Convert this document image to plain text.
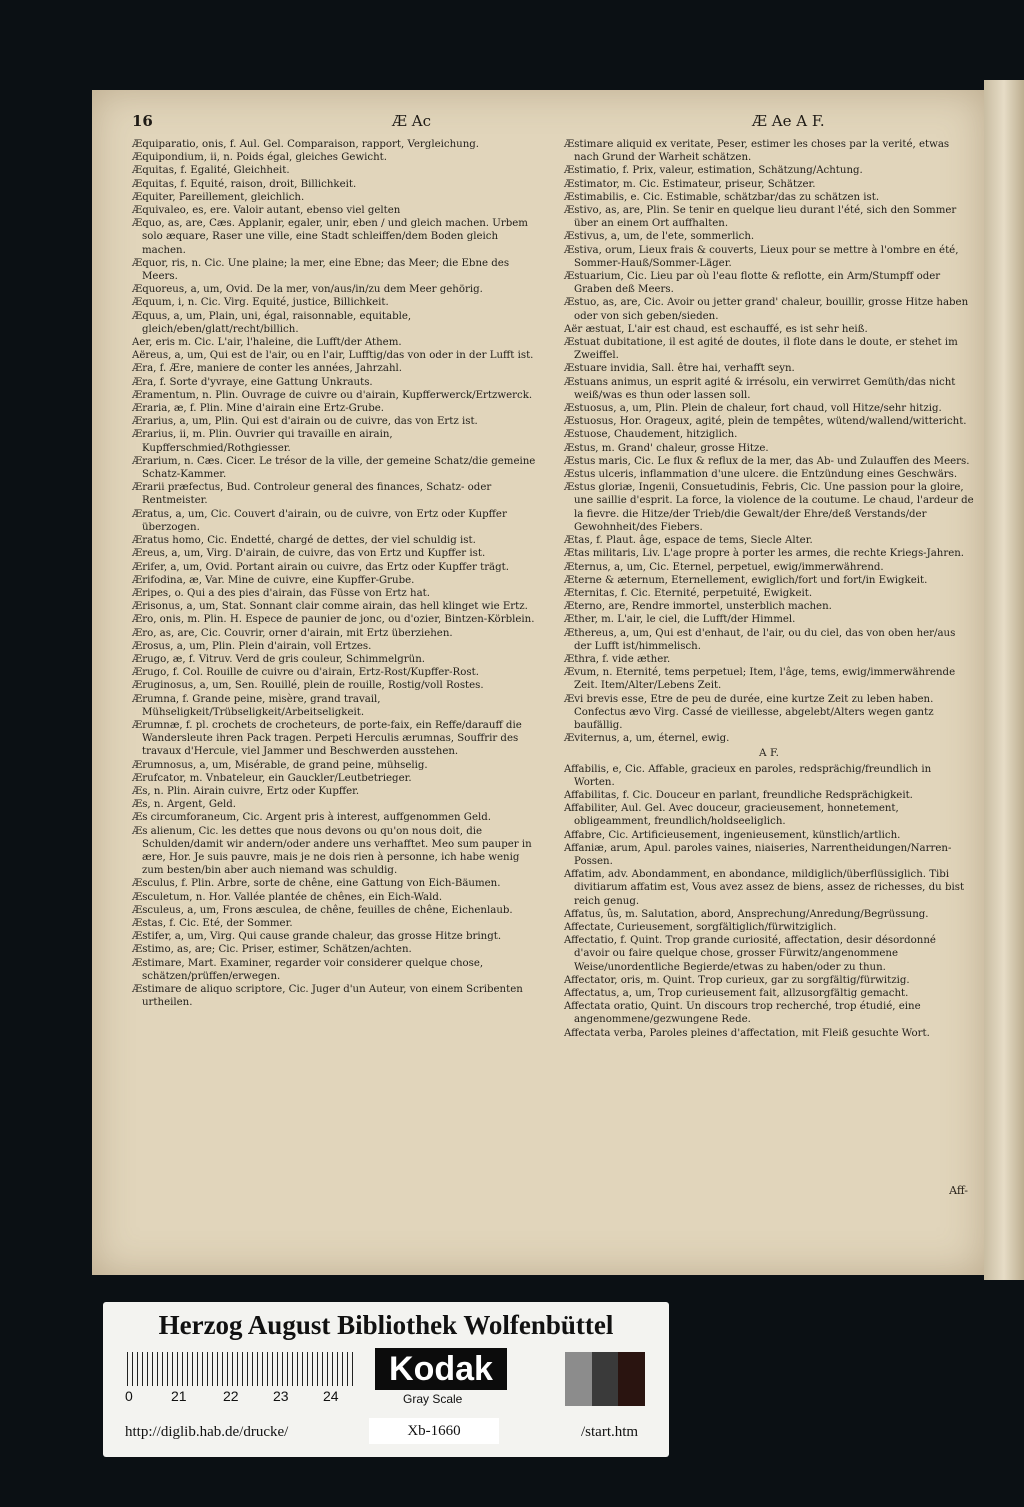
16	Æ Ac	Æ Ae A F.

Æquiparatio, onis, f. Aul. Gel. Comparaison, rapport, Vergleichung.

Æquipondium, ii, n. Poids égal, gleiches Gewicht.

Æquitas, f. Egalité, Gleichheit.

Æquitas, f. Equité, raison, droit, Billichkeit.

Æquiter, Pareillement, gleichlich.

Æquivaleo, es, ere. Valoir autant, ebenso viel gelten

Æquo, as, are, Cæs. Applanir, egaler, unir, eben / und gleich machen. Urbem solo æquare, Raser une ville, eine Stadt schleiffen/dem Boden gleich machen.

Æquor, ris, n. Cic. Une plaine; la mer, eine Ebne; das Meer; die Ebne des Meers.

Æquoreus, a, um, Ovid. De la mer, von/aus/in/zu dem Meer gehörig.

Æquum, i, n. Cic. Virg. Equité, justice, Billichkeit.

Æquus, a, um, Plain, uni, égal, raisonnable, equitable, gleich/eben/glatt/recht/billich.

Aer, eris m. Cic. L'air, l'haleine, die Lufft/der Athem.

Aëreus, a, um, Qui est de l'air, ou en l'air, Lufftig/das von oder in der Lufft ist.

Æra, f. Ære, maniere de conter les années, Jahrzahl.

Æra, f. Sorte d'yvraye, eine Gattung Unkrauts.

Æramentum, n. Plin. Ouvrage de cuivre ou d'airain, Kupfferwerck/Ertzwerck.

Æraria, æ, f. Plin. Mine d'airain eine Ertz-Grube.

Ærarius, a, um, Plin. Qui est d'airain ou de cuivre, das von Ertz ist.

Ærarius, ii, m. Plin. Ouvrier qui travaille en airain, Kupfferschmied/Rothgiesser.

Ærarium, n. Cæs. Cicer. Le trésor de la ville, der gemeine Schatz/die gemeine Schatz-Kammer.

Ærarii præfectus, Bud. Controleur general des finances, Schatz- oder Rentmeister.

Æratus, a, um, Cic. Couvert d'airain, ou de cuivre, von Ertz oder Kupffer überzogen.

Æratus homo, Cic. Endetté, chargé de dettes, der viel schuldig ist.

Æreus, a, um, Virg. D'airain, de cuivre, das von Ertz und Kupffer ist.

Ærifer, a, um, Ovid. Portant airain ou cuivre, das Ertz oder Kupffer trägt.

Ærifodina, æ, Var. Mine de cuivre, eine Kupffer-Grube.

Æripes, o. Qui a des pies d'airain, das Füsse von Ertz hat.

Ærisonus, a, um, Stat. Sonnant clair comme airain, das hell klinget wie Ertz.

Æro, onis, m. Plin. H. Espece de paunier de jonc, ou d'ozier, Bintzen-Körblein.

Æro, as, are, Cic. Couvrir, orner d'airain, mit Ertz überziehen.

Ærosus, a, um, Plin. Plein d'airain, voll Ertzes.

Ærugo, æ, f. Vitruv. Verd de gris couleur, Schimmelgrün.

Ærugo, f. Col. Rouille de cuivre ou d'airain, Ertz-Rost/Kupffer-Rost.

Æruginosus, a, um, Sen. Rouillé, plein de rouille, Rostig/voll Rostes.

Ærumna, f. Grande peine, misère, grand travail, Mühseligkeit/Trübseligkeit/Arbeitseligkeit.

Ærumnæ, f. pl. crochets de crocheteurs, de porte-faix, ein Reffe/darauff die Wandersleute ihren Pack tragen. Perpeti Herculis ærumnas, Souffrir des travaux d'Hercule, viel Jammer und Beschwerden ausstehen.

Ærumnosus, a, um, Misérable, de grand peine, mühselig.

Ærufcator, m. Vnbateleur, ein Gauckler/Leutbetrieger.

Æs, n. Plin. Airain cuivre, Ertz oder Kupffer.

Æs, n. Argent, Geld.

Æs circumforaneum, Cic. Argent pris à interest, auffgenommen Geld.

Æs alienum, Cic. les dettes que nous devons ou qu'on nous doit, die Schulden/damit wir andern/oder andere uns verhafftet. Meo sum pauper in ære, Hor. Je suis pauvre, mais je ne dois rien à personne, ich habe wenig zum besten/bin aber auch niemand was schuldig.

Æsculus, f. Plin. Arbre, sorte de chêne, eine Gattung von Eich-Bäumen.

Æsculetum, n. Hor. Vallée plantée de chênes, ein Eich-Wald.

Æsculeus, a, um, Frons æsculea, de chêne, feuilles de chêne, Eichenlaub.

Æstas, f. Cic. Eté, der Sommer.

Æstifer, a, um, Virg. Qui cause grande chaleur, das grosse Hitze bringt.

Æstimo, as, are; Cic. Priser, estimer, Schätzen/achten.

Æstimare, Mart. Examiner, regarder voir considerer quelque chose, schätzen/prüffen/erwegen.

Æstimare de aliquo scriptore, Cic. Juger d'un Auteur, von einem Scribenten urtheilen.

Æstimare aliquid ex veritate, Peser, estimer les choses par la verité, etwas nach Grund der Warheit schätzen.

Æstimatio, f. Prix, valeur, estimation, Schätzung/Achtung.

Æstimator, m. Cic. Estimateur, priseur, Schätzer.

Æstimabilis, e. Cic. Estimable, schätzbar/das zu schätzen ist.

Æstivo, as, are, Plin. Se tenir en quelque lieu durant l'été, sich den Sommer über an einem Ort auffhalten.

Æstivus, a, um, de l'ete, sommerlich.

Æstiva, orum, Lieux frais & couverts, Lieux pour se mettre à l'ombre en été, Sommer-Hauß/Sommer-Läger.

Æstuarium, Cic. Lieu par où l'eau flotte & reflotte, ein Arm/Stumpff oder Graben deß Meers.

Æstuo, as, are, Cic. Avoir ou jetter grand' chaleur, bouillir, grosse Hitze haben oder von sich geben/sieden.

Aër æstuat, L'air est chaud, est eschauffé, es ist sehr heiß.

Æstuat dubitatione, il est agité de doutes, il flote dans le doute, er stehet im Zweiffel.

Æstuare invidia, Sall. être hai, verhafft seyn.

Æstuans animus, un esprit agité & irrésolu, ein verwirret Gemüth/das nicht weiß/was es thun oder lassen soll.

Æstuosus, a, um, Plin. Plein de chaleur, fort chaud, voll Hitze/sehr hitzig.

Æstuosus, Hor. Orageux, agité, plein de tempêtes, wütend/wallend/wittericht.

Æstuose, Chaudement, hitziglich.

Æstus, m. Grand' chaleur, grosse Hitze.

Æstus maris, Cic. Le flux & reflux de la mer, das Ab- und Zulauffen des Meers.

Æstus ulceris, inflammation d'une ulcere. die Entzündung eines Geschwärs.

Æstus gloriæ, Ingenii, Consuetudinis, Febris, Cic. Une passion pour la gloire, une saillie d'esprit. La force, la violence de la coutume. Le chaud, l'ardeur de la fievre. die Hitze/der Trieb/die Gewalt/der Ehre/deß Verstands/der Gewohnheit/des Fiebers.

Ætas, f. Plaut. âge, espace de tems, Siecle Alter.

Ætas militaris, Liv. L'age propre à porter les armes, die rechte Kriegs-Jahren.

Æternus, a, um, Cic. Eternel, perpetuel, ewig/immerwährend.

Æterne & æternum, Eternellement, ewiglich/fort und fort/in Ewigkeit.

Æternitas, f. Cic. Eternité, perpetuité, Ewigkeit.

Æterno, are, Rendre immortel, unsterblich machen.

Æther, m. L'air, le ciel, die Lufft/der Himmel.

Æthereus, a, um, Qui est d'enhaut, de l'air, ou du ciel, das von oben her/aus der Lufft ist/himmelisch.

Æthra, f. vide æther.

Ævum, n. Eternité, tems perpetuel; Item, l'âge, tems, ewig/immerwährende Zeit. Item/Alter/Lebens Zeit.

Ævi brevis esse, Etre de peu de durée, eine kurtze Zeit zu leben haben. Confectus ævo Virg. Cassé de vieillesse, abgelebt/Alters wegen gantz baufällig.

Æviternus, a, um, éternel, ewig.

A F.

Affabilis, e, Cic. Affable, gracieux en paroles, redsprächig/freundlich in Worten.

Affabilitas, f. Cic. Douceur en parlant, freundliche Redsprächigkeit.

Affabiliter, Aul. Gel. Avec douceur, gracieusement, honnetement, obligeamment, freundlich/holdseeliglich.

Affabre, Cic. Artificieusement, ingenieusement, künstlich/artlich.

Affaniæ, arum, Apul. paroles vaines, niaiseries, Narrentheidungen/Narren-Possen.

Affatim, adv. Abondamment, en abondance, mildiglich/überflüssiglich. Tibi divitiarum affatim est, Vous avez assez de biens, assez de richesses, du bist reich genug.

Affatus, ûs, m. Salutation, abord, Ansprechung/Anredung/Begrüssung.

Affectate, Curieusement, sorgfältiglich/fürwitziglich.

Affectatio, f. Quint. Trop grande curiosité, affectation, desir désordonné d'avoir ou faire quelque chose, grosser Fürwitz/angenommene Weise/unordentliche Begierde/etwas zu haben/oder zu thun.

Affectator, oris, m. Quint. Trop curieux, gar zu sorgfältig/fürwitzig.

Affectatus, a, um, Trop curieusement fait, allzusorgfältig gemacht.

Affectata oratio, Quint. Un discours trop recherché, trop étudié, eine angenommene/gezwungene Rede.

Affectata verba, Paroles pleines d'affectation, mit Fleiß gesuchte Wort.

Aff-
Herzog August Bibliothek Wolfenbüttel
0	21	22 23 24
Kodak
Gray Scale
http://diglib.hab.de/drucke/	Xb-1660	/start.htm
